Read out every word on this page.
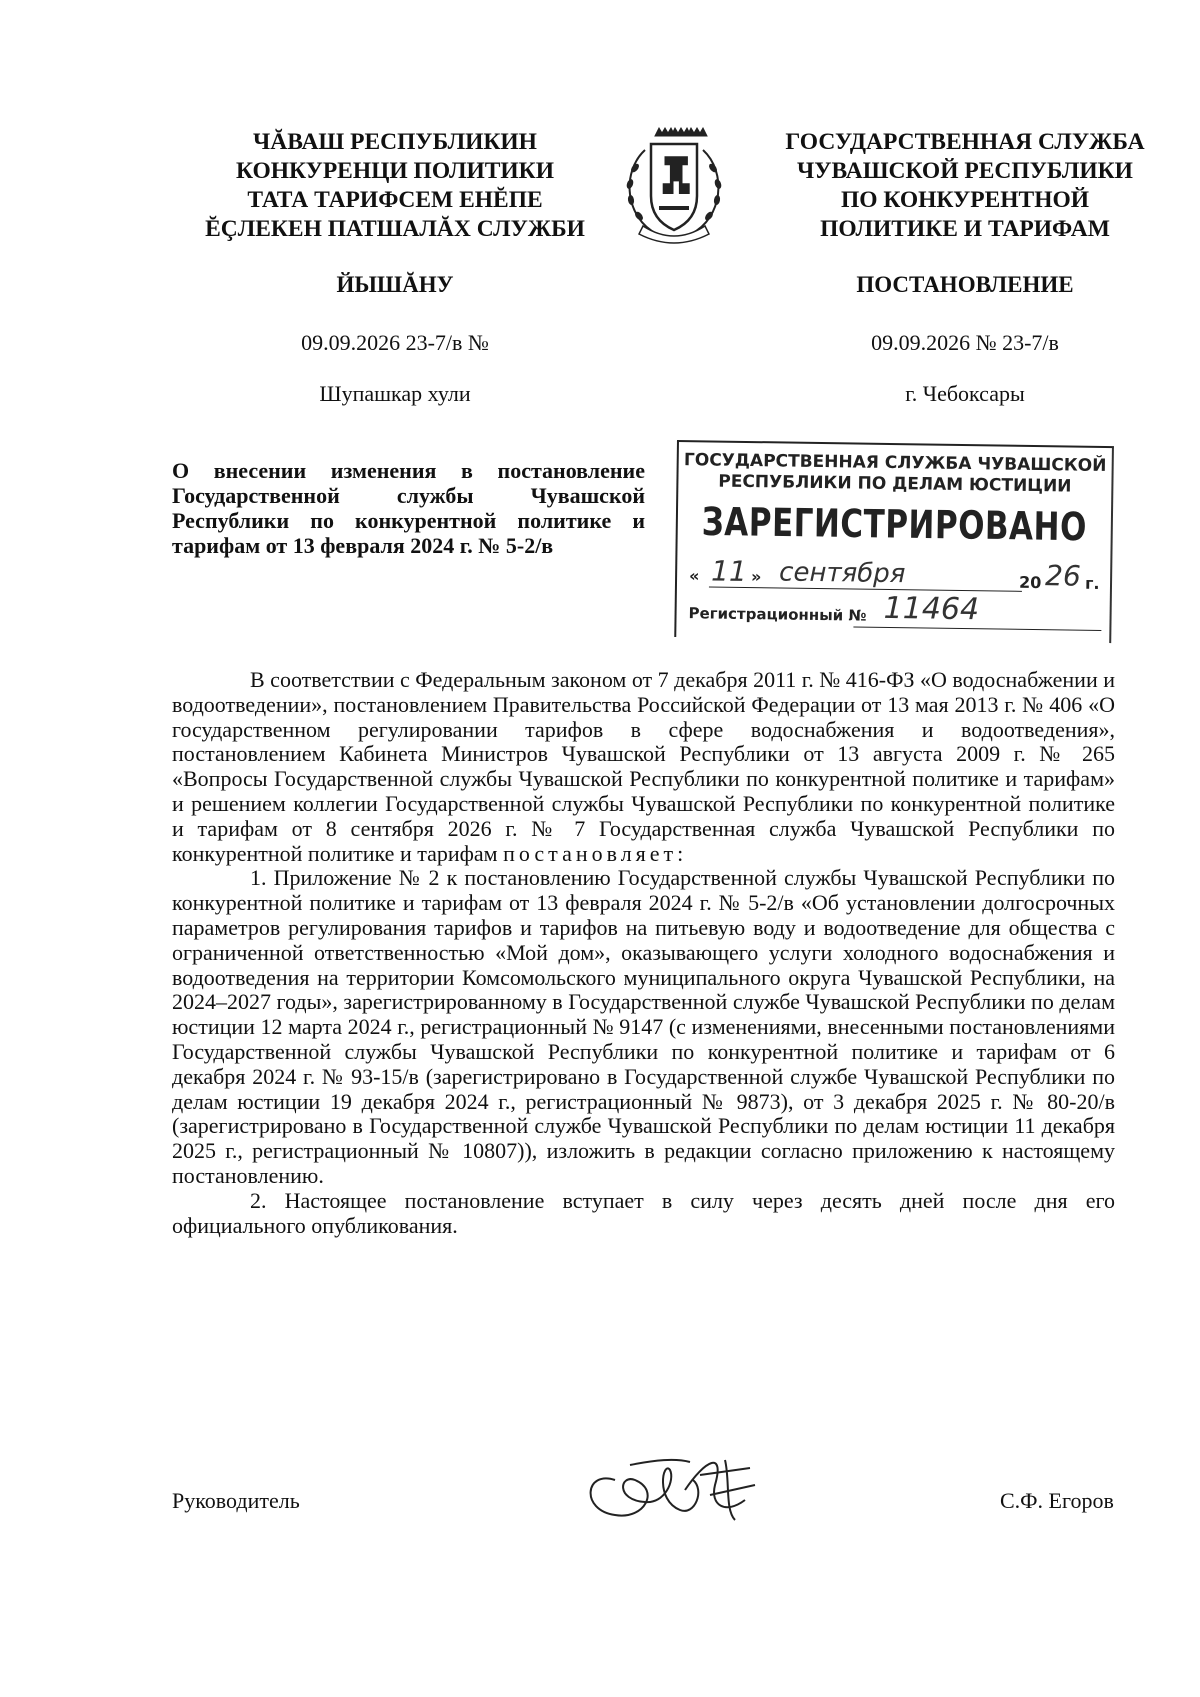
ЧĂВАШ РЕСПУБЛИКИН
КОНКУРЕНЦИ ПОЛИТИКИ
ТАТА ТАРИФСЕМ ЕНĔПЕ
ĔÇЛЕКЕН ПАТШАЛĂХ СЛУЖБИ
ГОСУДАРСТВЕННАЯ СЛУЖБА
ЧУВАШСКОЙ РЕСПУБЛИКИ
ПО КОНКУРЕНТНОЙ
ПОЛИТИКЕ И ТАРИФАМ
ЙЫШĂНУ	ПОСТАНОВЛЕНИЕ
09.09.2026 23-7/в №	09.09.2026 № 23-7/в
Шупашкар хули	г. Чебоксары
О внесении изменения в постановление Государственной службы Чувашской Республики по конкурентной политике и тарифам от 13 февраля 2024 г. № 5-2/в
ГОСУДАРСТВЕННАЯ СЛУЖБА ЧУВАШСКОЙ
РЕСПУБЛИКИ ПО ДЕЛАМ ЮСТИЦИИ
ЗАРЕГИСТРИРОВАНО
« 11 » сентября	20 26 г.
Регистрационный № 11464

В соответствии с Федеральным законом от 7 декабря 2011 г. № 416-ФЗ «О водоснабжении и водоотведении», постановлением Правительства Российской Федерации от 13 мая 2013 г. № 406 «О государственном регулировании тарифов в сфере водоснабжения и водоотведения», постановлением Кабинета Министров Чувашской Республики от 13 августа 2009 г. № 265 «Вопросы Государственной службы Чувашской Республики по конкурентной политике и тарифам» и решением коллегии Государственной службы Чувашской Республики по конкурентной политике и тарифам от 8 сентября 2026 г. № 7 Государственная служба Чувашской Республики по конкурентной политике и тарифам постановляет:

1. Приложение № 2 к постановлению Государственной службы Чувашской Республики по конкурентной политике и тарифам от 13 февраля 2024 г. № 5-2/в «Об установлении долгосрочных параметров регулирования тарифов и тарифов на питьевую воду и водоотведение для общества с ограниченной ответственностью «Мой дом», оказывающего услуги холодного водоснабжения и водоотведения на территории Комсомольского муниципального округа Чувашской Республики, на 2024–2027 годы», зарегистрированному в Государственной службе Чувашской Республики по делам юстиции 12 марта 2024 г., регистрационный № 9147 (с изменениями, внесенными постановлениями Государственной службы Чувашской Республики по конкурентной политике и тарифам от 6 декабря 2024 г. № 93-15/в (зарегистрировано в Государственной службе Чувашской Республики по делам юстиции 19 декабря 2024 г., регистрационный № 9873), от 3 декабря 2025 г. № 80-20/в (зарегистрировано в Государственной службе Чувашской Республики по делам юстиции 11 декабря 2025 г., регистрационный № 10807)), изложить в редакции согласно приложению к настоящему постановлению.

2. Настоящее постановление вступает в силу через десять дней после дня его официального опубликования.

Руководитель	С.Ф. Егоров
